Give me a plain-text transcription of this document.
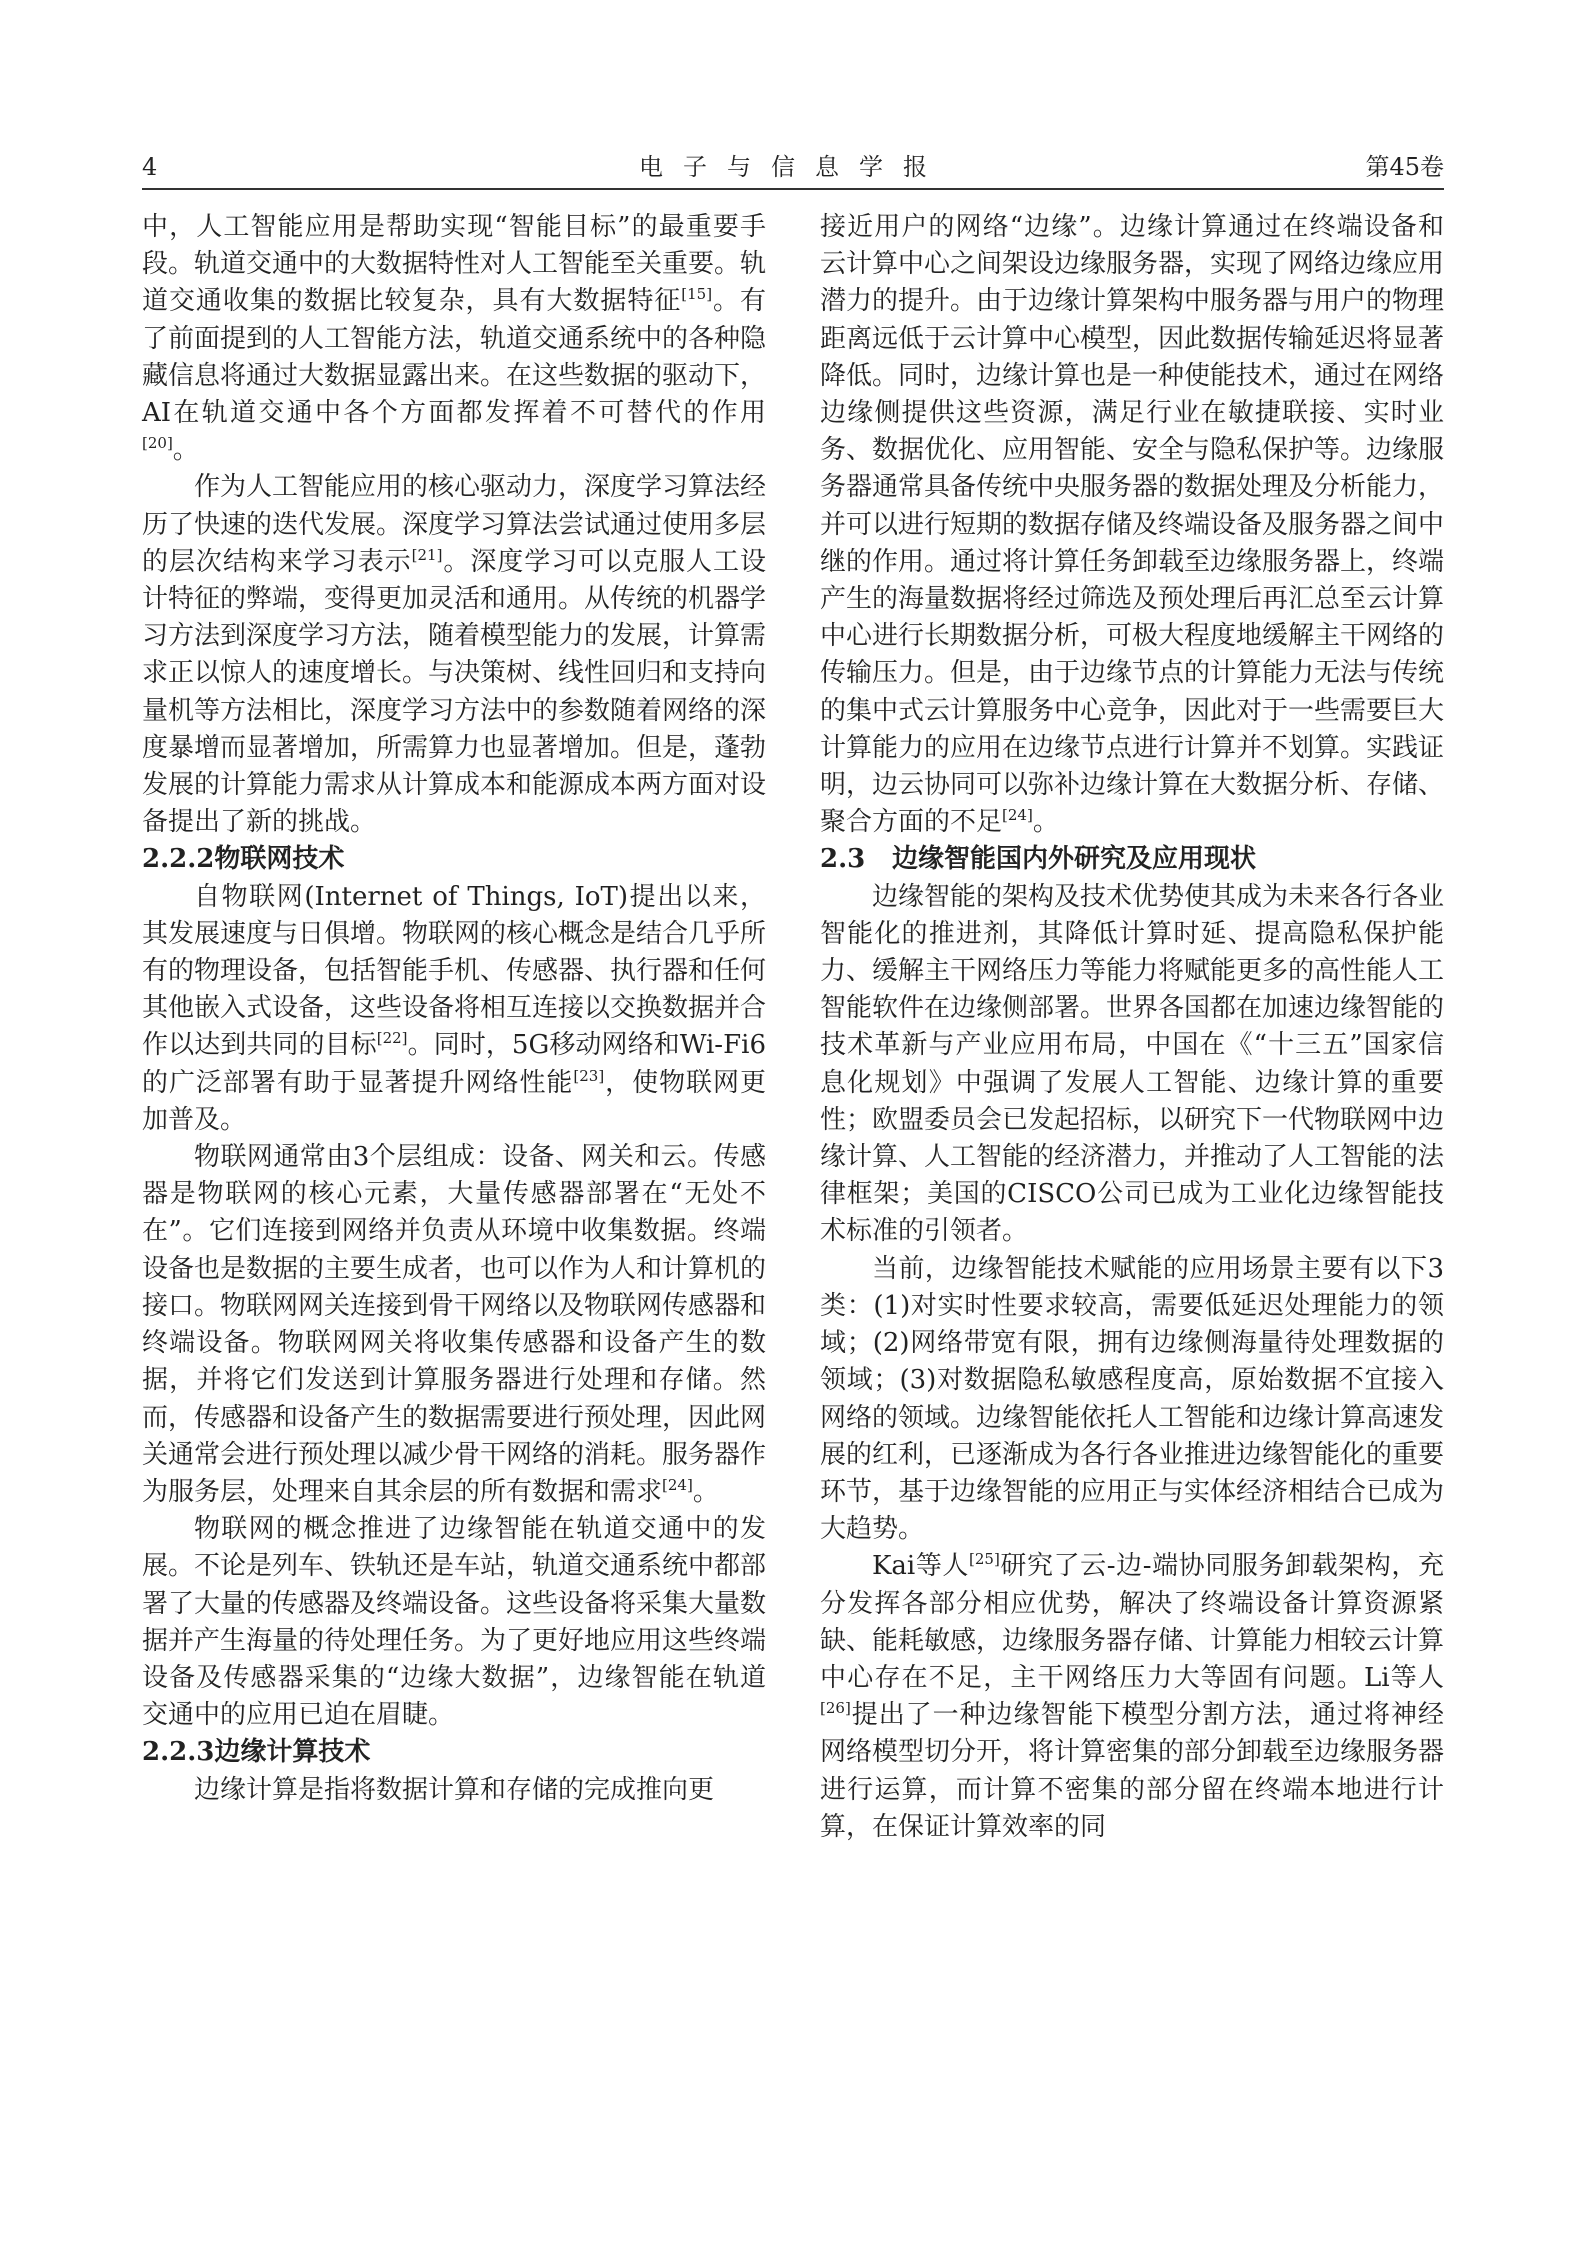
4	电子与信息学报	第45卷

中，人工智能应用是帮助实现“智能目标”的最重要手段。轨道交通中的大数据特性对人工智能至关重要。轨道交通收集的数据比较复杂，具有大数据特征[15]。有了前面提到的人工智能方法，轨道交通系统中的各种隐藏信息将通过大数据显露出来。在这些数据的驱动下，AI在轨道交通中各个方面都发挥着不可替代的作用[20]。

作为人工智能应用的核心驱动力，深度学习算法经历了快速的迭代发展。深度学习算法尝试通过使用多层的层次结构来学习表示[21]。深度学习可以克服人工设计特征的弊端，变得更加灵活和通用。从传统的机器学习方法到深度学习方法，随着模型能力的发展，计算需求正以惊人的速度增长。与决策树、线性回归和支持向量机等方法相比，深度学习方法中的参数随着网络的深度暴增而显著增加，所需算力也显著增加。但是，蓬勃发展的计算能力需求从计算成本和能源成本两方面对设备提出了新的挑战。

2.2.2物联网技术

自物联网(Internet of Things, IoT)提出以来，其发展速度与日俱增。物联网的核心概念是结合几乎所有的物理设备，包括智能手机、传感器、执行器和任何其他嵌入式设备，这些设备将相互连接以交换数据并合作以达到共同的目标[22]。同时，5G移动网络和Wi-Fi6的广泛部署有助于显著提升网络性能[23]，使物联网更加普及。

物联网通常由3个层组成：设备、网关和云。传感器是物联网的核心元素，大量传感器部署在“无处不在”。它们连接到网络并负责从环境中收集数据。终端设备也是数据的主要生成者，也可以作为人和计算机的接口。物联网网关连接到骨干网络以及物联网传感器和终端设备。物联网网关将收集传感器和设备产生的数据，并将它们发送到计算服务器进行处理和存储。然而，传感器和设备产生的数据需要进行预处理，因此网关通常会进行预处理以减少骨干网络的消耗。服务器作为服务层，处理来自其余层的所有数据和需求[24]。

物联网的概念推进了边缘智能在轨道交通中的发展。不论是列车、铁轨还是车站，轨道交通系统中都部署了大量的传感器及终端设备。这些设备将采集大量数据并产生海量的待处理任务。为了更好地应用这些终端设备及传感器采集的“边缘大数据”，边缘智能在轨道交通中的应用已迫在眉睫。

2.2.3边缘计算技术

边缘计算是指将数据计算和存储的完成推向更

接近用户的网络“边缘”。边缘计算通过在终端设备和云计算中心之间架设边缘服务器，实现了网络边缘应用潜力的提升。由于边缘计算架构中服务器与用户的物理距离远低于云计算中心模型，因此数据传输延迟将显著降低。同时，边缘计算也是一种使能技术，通过在网络边缘侧提供这些资源，满足行业在敏捷联接、实时业务、数据优化、应用智能、安全与隐私保护等。边缘服务器通常具备传统中央服务器的数据处理及分析能力，并可以进行短期的数据存储及终端设备及服务器之间中继的作用。通过将计算任务卸载至边缘服务器上，终端产生的海量数据将经过筛选及预处理后再汇总至云计算中心进行长期数据分析，可极大程度地缓解主干网络的传输压力。但是，由于边缘节点的计算能力无法与传统的集中式云计算服务中心竞争，因此对于一些需要巨大计算能力的应用在边缘节点进行计算并不划算。实践证明，边云协同可以弥补边缘计算在大数据分析、存储、聚合方面的不足[24]。

2.3 边缘智能国内外研究及应用现状

边缘智能的架构及技术优势使其成为未来各行各业智能化的推进剂，其降低计算时延、提高隐私保护能力、缓解主干网络压力等能力将赋能更多的高性能人工智能软件在边缘侧部署。世界各国都在加速边缘智能的技术革新与产业应用布局，中国在《“十三五”国家信息化规划》中强调了发展人工智能、边缘计算的重要性；欧盟委员会已发起招标，以研究下一代物联网中边缘计算、人工智能的经济潜力，并推动了人工智能的法律框架；美国的CISCO公司已成为工业化边缘智能技术标准的引领者。

当前，边缘智能技术赋能的应用场景主要有以下3类：(1)对实时性要求较高，需要低延迟处理能力的领域；(2)网络带宽有限，拥有边缘侧海量待处理数据的领域；(3)对数据隐私敏感程度高，原始数据不宜接入网络的领域。边缘智能依托人工智能和边缘计算高速发展的红利，已逐渐成为各行各业推进边缘智能化的重要环节，基于边缘智能的应用正与实体经济相结合已成为大趋势。

Kai等人[25]研究了云-边-端协同服务卸载架构，充分发挥各部分相应优势，解决了终端设备计算资源紧缺、能耗敏感，边缘服务器存储、计算能力相较云计算中心存在不足，主干网络压力大等固有问题。Li等人[26]提出了一种边缘智能下模型分割方法，通过将神经网络模型切分开，将计算密集的部分卸载至边缘服务器进行运算，而计算不密集的部分留在终端本地进行计算，在保证计算效率的同
